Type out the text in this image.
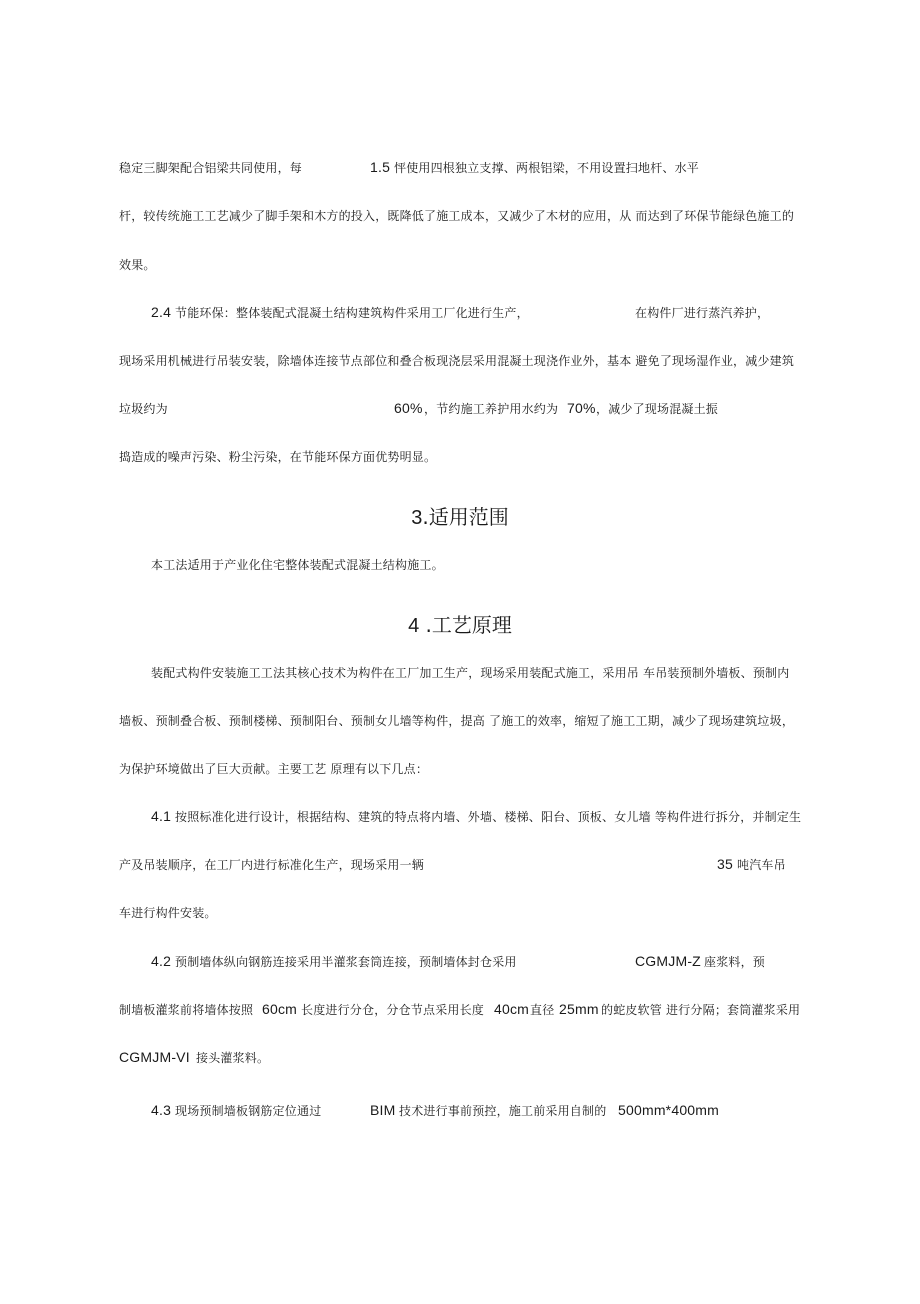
稳定三脚架配合铝梁共同使用，每	1.5 怦使用四根独立支撑、两根铝梁，不用设置扫地杆、水平
杆，较传统施工工艺减少了脚手架和木方的投入，既降低了施工成本，又减少了木材的应用，从 而达到了环保节能绿色施工的
效果。
2.4 节能环保：整体装配式混凝土结构建筑构件采用工厂化进行生产，	在构件厂进行蒸汽养护，
现场采用机械进行吊装安装，除墙体连接节点部位和叠合板现浇层采用混凝土现浇作业外，基本 避免了现场湿作业，减少建筑
垃圾约为	60% ，节约施工养护用水约为 70% ，减少了现场混凝土振
捣造成的噪声污染、粉尘污染，在节能环保方面优势明显。
3.适用范围
本工法适用于产业化住宅整体装配式混凝土结构施工。
4 .工艺原理
装配式构件安装施工工法其核心技术为构件在工厂加工生产，现场采用装配式施工，采用吊 车吊装预制外墙板、预制内
墙板、预制叠合板、预制楼梯、预制阳台、预制女儿墙等构件，提高 了施工的效率，缩短了施工工期，减少了现场建筑垃圾，
为保护环境做出了巨大贡献。主要工艺 原理有以下几点：
4.1 按照标准化进行设计，根据结构、建筑的特点将内墙、外墙、楼梯、阳台、顶板、女儿墙 等构件进行拆分，并制定生
产及吊装顺序，在工厂内进行标准化生产，现场采用一辆	35 吨汽车吊
车进行构件安装。
4.2 预制墙体纵向钢筋连接采用半灌浆套筒连接，预制墙体封仓采用	CGMJM-Z 座浆料，预
制墙板灌浆前将墙体按照 60cm 长度进行分仓，分仓节点采用长度 40cm 直径 25mm 的蛇皮软管 进行分隔；套筒灌浆采用
CGMJM-VI 接头灌浆料。
4.3 现场预制墙板钢筋定位通过	BIM 技术进行事前预控，施工前采用自制的 500mm*400mm
